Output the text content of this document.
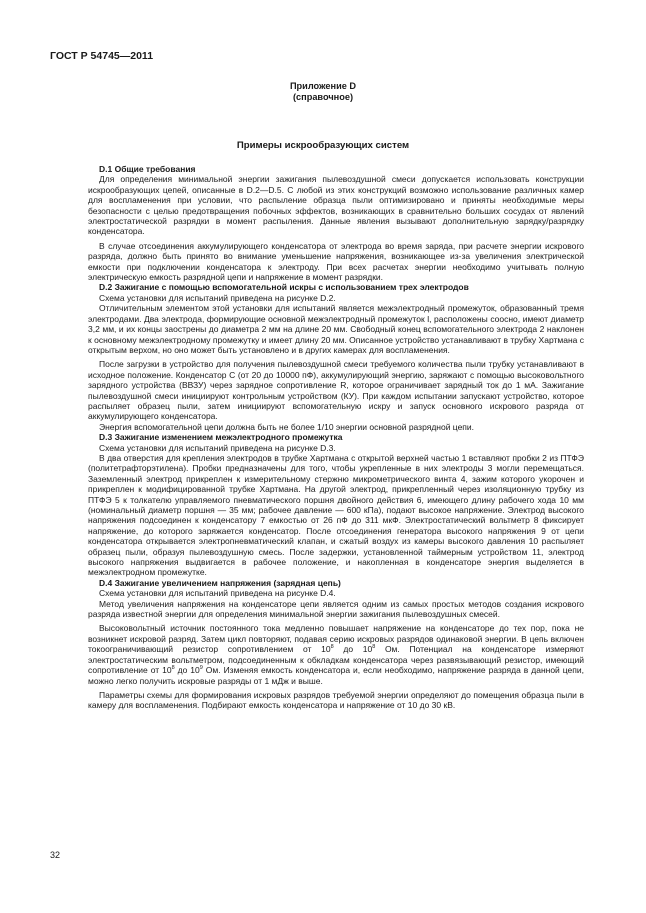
ГОСТ Р 54745—2011
Приложение D
(справочное)
Примеры искрообразующих систем
D.1 Общие требования

Для определения минимальной энергии зажигания пылевоздушной смеси допускается использовать конструкции искрообразующих цепей, описанные в D.2—D.5. С любой из этих конструкций возможно использование различных камер для воспламенения при условии, что распыление образца пыли оптимизировано и приняты необходимые меры безопасности с целью предотвращения побочных эффектов, возникающих в сравнительно больших сосудах от явлений электростатической разрядки в момент распыления. Данные явления вызывают дополнительную зарядку/разрядку конденсатора.

В случае отсоединения аккумулирующего конденсатора от электрода во время заряда, при расчете энергии искрового разряда, должно быть принято во внимание уменьшение напряжения, возникающее из-за увеличения электрической емкости при подключении конденсатора к электроду. При всех расчетах энергии необходимо учитывать полную электрическую емкость разрядной цепи и напряжение в момент разрядки.

D.2 Зажигание с помощью вспомогательной искры с использованием трех электродов

Схема установки для испытаний приведена на рисунке D.2.

Отличительным элементом этой установки для испытаний является межэлектродный промежуток, образованный тремя электродами. Два электрода, формирующие основной межэлектродный промежуток l, расположены соосно, имеют диаметр 3,2 мм, и их концы заострены до диаметра 2 мм на длине 20 мм. Свободный конец вспомогательного электрода 2 наклонен к основному межэлектродному промежутку и имеет длину 20 мм. Описанное устройство устанавливают в трубку Хартмана с открытым верхом, но оно может быть установлено и в других камерах для воспламенения.

После загрузки в устройство для получения пылевоздушной смеси требуемого количества пыли трубку устанавливают в исходное положение. Конденсатор С (от 20 до 10000 пФ), аккумулирующий энергию, заряжают с помощью высоковольтного зарядного устройства (ВВЗУ) через зарядное сопротивление R, которое ограничивает зарядный ток до 1 мА. Зажигание пылевоздушной смеси инициируют контрольным устройством (КУ). При каждом испытании запускают устройство, которое распыляет образец пыли, затем инициируют вспомогательную искру и запуск основного искрового разряда от аккумулирующего конденсатора.

Энергия вспомогательной цепи должна быть не более 1/10 энергии основной разрядной цепи.

D.3 Зажигание изменением межэлектродного промежутка

Схема установки для испытаний приведена на рисунке D.3.

В два отверстия для крепления электродов в трубке Хартмана с открытой верхней частью 1 вставляют пробки 2 из ПТФЭ (политетрафторэтилена). Пробки предназначены для того, чтобы укрепленные в них электроды 3 могли перемещаться. Заземленный электрод прикреплен к измерительному стержню микрометрического винта 4, зажим которого укорочен и прикреплен к модифицированной трубке Хартмана. На другой электрод, прикрепленный через изоляционную трубку из ПТФЭ 5 к толкателю управляемого пневматического поршня двойного действия 6, имеющего длину рабочего хода 10 мм (номинальный диаметр поршня — 35 мм; рабочее давление — 600 кПа), подают высокое напряжение. Электрод высокого напряжения подсоединен к конденсатору 7 емкостью от 26 пФ до 311 мкФ. Электростатический вольтметр 8 фиксирует напряжение, до которого заряжается конденсатор. После отсоединения генератора высокого напряжения 9 от цепи конденсатора открывается электропневматический клапан, и сжатый воздух из камеры высокого давления 10 распыляет образец пыли, образуя пылевоздушную смесь. После задержки, установленной таймерным устройством 11, электрод высокого напряжения выдвигается в рабочее положение, и накопленная в конденсаторе энергия выделяется в межэлектродном промежутке.

D.4 Зажигание увеличением напряжения (зарядная цепь)

Схема установки для испытаний приведена на рисунке D.4.

Метод увеличения напряжения на конденсаторе цепи является одним из самых простых методов создания искрового разряда известной энергии для определения минимальной энергии зажигания пылевоздушных смесей.

Высоковольтный источник постоянного тока медленно повышает напряжение на конденсаторе до тех пор, пока не возникнет искровой разряд. Затем цикл повторяют, подавая серию искровых разрядов одинаковой энергии. В цепь включен токоограничивающий резистор сопротивлением от $10^8$ до $10^8$ Ом. Потенциал на конденсаторе измеряют электростатическим вольтметром, подсоединенным к обкладкам конденсатора через развязывающий резистор, имеющий сопротивление от $10^8$ до $10^9$ Ом. Изменяя емкость конденсатора и, если необходимо, напряжение разряда в данной цепи, можно легко получить искровые разряды от 1 мДж и выше.

Параметры схемы для формирования искровых разрядов требуемой энергии определяют до помещения образца пыли в камеру для воспламенения. Подбирают емкость конденсатора и напряжение от 10 до 30 кВ.

32
